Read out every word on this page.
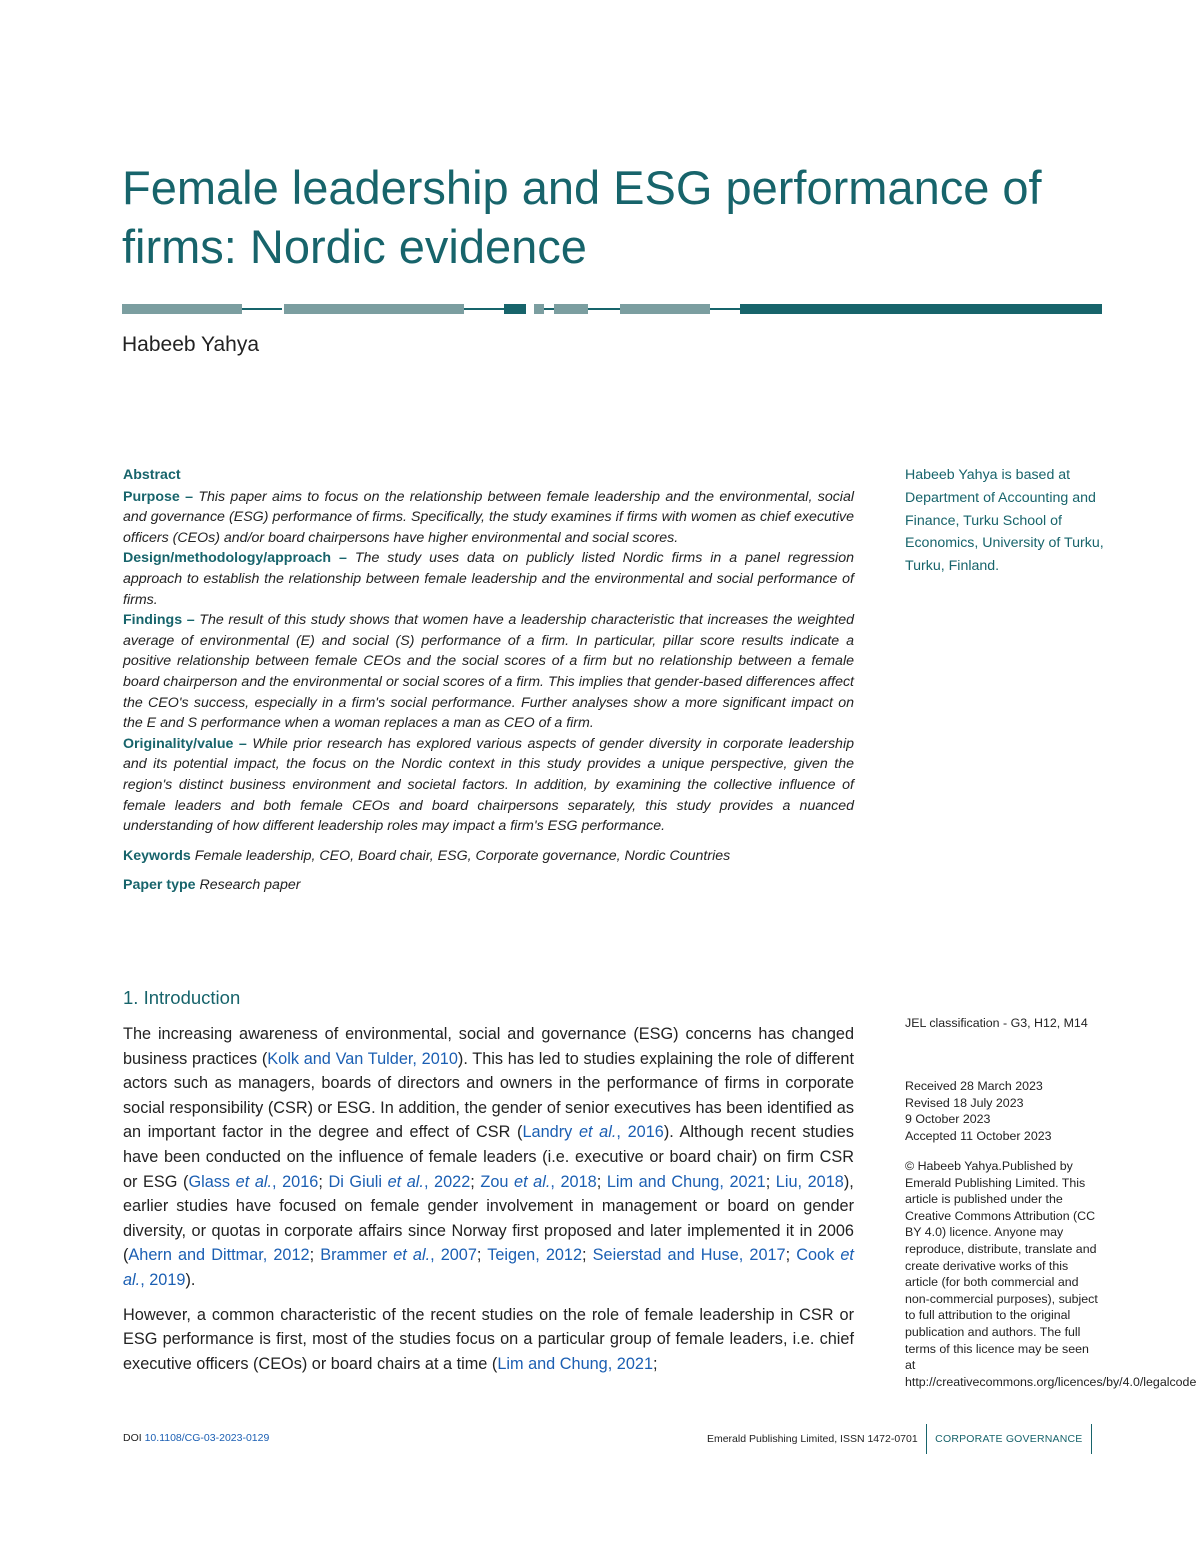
Female leadership and ESG performance of firms: Nordic evidence
Habeeb Yahya
Abstract

Purpose – This paper aims to focus on the relationship between female leadership and the environmental, social and governance (ESG) performance of firms. Specifically, the study examines if firms with women as chief executive officers (CEOs) and/or board chairpersons have higher environmental and social scores.

Design/methodology/approach – The study uses data on publicly listed Nordic firms in a panel regression approach to establish the relationship between female leadership and the environmental and social performance of firms.

Findings – The result of this study shows that women have a leadership characteristic that increases the weighted average of environmental (E) and social (S) performance of a firm. In particular, pillar score results indicate a positive relationship between female CEOs and the social scores of a firm but no relationship between a female board chairperson and the environmental or social scores of a firm. This implies that gender-based differences affect the CEO's success, especially in a firm's social performance. Further analyses show a more significant impact on the E and S performance when a woman replaces a man as CEO of a firm.

Originality/value – While prior research has explored various aspects of gender diversity in corporate leadership and its potential impact, the focus on the Nordic context in this study provides a unique perspective, given the region's distinct business environment and societal factors. In addition, by examining the collective influence of female leaders and both female CEOs and board chairpersons separately, this study provides a nuanced understanding of how different leadership roles may impact a firm's ESG performance.

Keywords Female leadership, CEO, Board chair, ESG, Corporate governance, Nordic Countries

Paper type Research paper

Habeeb Yahya is based at Department of Accounting and Finance, Turku School of Economics, University of Turku, Turku, Finland.
1. Introduction

The increasing awareness of environmental, social and governance (ESG) concerns has changed business practices (Kolk and Van Tulder, 2010). This has led to studies explaining the role of different actors such as managers, boards of directors and owners in the performance of firms in corporate social responsibility (CSR) or ESG. In addition, the gender of senior executives has been identified as an important factor in the degree and effect of CSR (Landry et al., 2016). Although recent studies have been conducted on the influence of female leaders (i.e. executive or board chair) on firm CSR or ESG (Glass et al., 2016; Di Giuli et al., 2022; Zou et al., 2018; Lim and Chung, 2021; Liu, 2018), earlier studies have focused on female gender involvement in management or board on gender diversity, or quotas in corporate affairs since Norway first proposed and later implemented it in 2006 (Ahern and Dittmar, 2012; Brammer et al., 2007; Teigen, 2012; Seierstad and Huse, 2017; Cook et al., 2019).

However, a common characteristic of the recent studies on the role of female leadership in CSR or ESG performance is first, most of the studies focus on a particular group of female leaders, i.e. chief executive officers (CEOs) or board chairs at a time (Lim and Chung, 2021;

JEL classification - G3, H12, M14
Received 28 March 2023
Revised 18 July 2023
9 October 2023
Accepted 11 October 2023
© Habeeb Yahya.Published by Emerald Publishing Limited. This article is published under the Creative Commons Attribution (CC BY 4.0) licence. Anyone may reproduce, distribute, translate and create derivative works of this article (for both commercial and non-commercial purposes), subject to full attribution to the original publication and authors. The full terms of this licence may be seen at http://creativecommons.org/licences/by/4.0/legalcode
DOI 10.1108/CG-03-2023-0129	Emerald Publishing Limited, ISSN 1472-0701	CORPORATE GOVERNANCE
